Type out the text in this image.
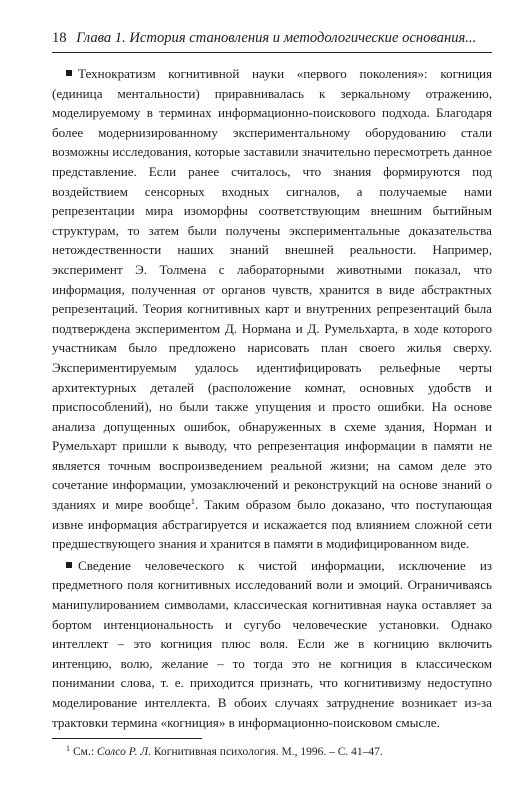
18 Глава 1. История становления и методологические основания...

Технократизм когнитивной науки «первого поколения»: когниция (единица ментальности) приравнивалась к зеркальному отражению, моделируемому в терминах информационно-поискового подхода. Благодаря более модернизированному экспериментальному оборудованию стали возможны исследования, которые заставили значительно пересмотреть данное представление. Если ранее считалось, что знания формируются под воздействием сенсорных входных сигналов, а получаемые нами репрезентации мира изоморфны соответствующим внешним бытийным структурам, то затем были получены экспериментальные доказательства нетождественности наших знаний внешней реальности. Например, эксперимент Э. Толмена с лабораторными животными показал, что информация, полученная от органов чувств, хранится в виде абстрактных репрезентаций. Теория когнитивных карт и внутренних репрезентаций была подтверждена экспериментом Д. Нормана и Д. Румельхарта, в ходе которого участникам было предложено нарисовать план своего жилья сверху. Экспериментируемым удалось идентифицировать рельефные черты архитектурных деталей (расположение комнат, основных удобств и приспособлений), но были также упущения и просто ошибки. На основе анализа допущенных ошибок, обнаруженных в схеме здания, Норман и Румельхарт пришли к выводу, что репрезентация информации в памяти не является точным воспроизведением реальной жизни; на самом деле это сочетание информации, умозаключений и реконструкций на основе знаний о зданиях и мире вообще$^1$. Таким образом было доказано, что поступающая извне информация абстрагируется и искажается под влиянием сложной сети предшествующего знания и хранится в памяти в модифицированном виде.

Сведение человеческого к чистой информации, исключение из предметного поля когнитивных исследований воли и эмоций. Ограничиваясь манипулированием символами, классическая когнитивная наука оставляет за бортом интенциональность и сугубо человеческие установки. Однако интеллект – это когниция плюс воля. Если же в когницию включить интенцию, волю, желание – то тогда это не когниция в классическом понимании слова, т. е. приходится признать, что когнитивизму недоступно моделирование интеллекта. В обоих случаях затруднение возникает из-за трактовки термина «когниция» в информационно-поисковом смысле.

$^1$ См.: Солсо Р. Л. Когнитивная психология. М., 1996. – С. 41–47.
